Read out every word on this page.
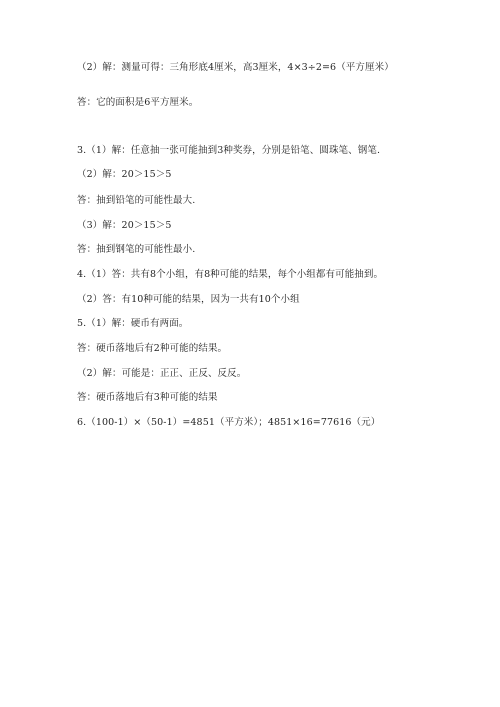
（2）解：测量可得：三角形底4厘米，高3厘米，4×3÷2=6（平方厘米）
答：它的面积是6平方厘米。
3.（1）解：任意抽一张可能抽到3种奖券，分别是铅笔、圆珠笔、钢笔.
（2）解：20＞15＞5
答：抽到铅笔的可能性最大.
（3）解：20＞15＞5
答：抽到钢笔的可能性最小.
4.（1）答：共有8个小组，有8种可能的结果，每个小组都有可能抽到。
（2）答：有10种可能的结果，因为一共有10个小组
5.（1）解：硬币有两面。
答：硬币落地后有2种可能的结果。
（2）解：可能是：正正、正反、反反。
答：硬币落地后有3种可能的结果
6.（100-1）×（50-1）=4851（平方米）；4851×16=77616（元）
